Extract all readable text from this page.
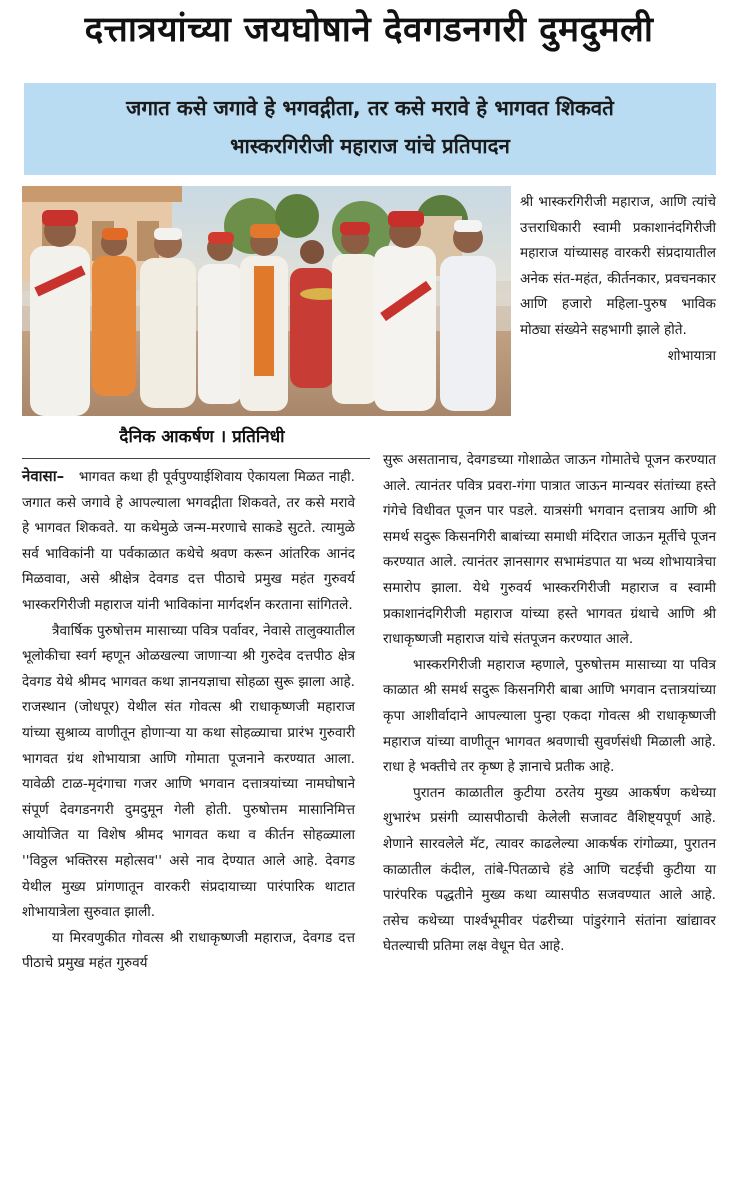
दत्तात्रयांच्या जयघोषाने देवगडनगरी दुमदुमली
जगात कसे जगावे हे भगवद्गीता, तर कसे मरावे हे भागवत शिकवते
भास्करगिरीजी महाराज यांचे प्रतिपादन
दैनिक आकर्षण । प्रतिनिधी

श्री भास्करगिरीजी महाराज, आणि त्यांचे उत्तराधिकारी स्वामी प्रकाशानंदगिरीजी महाराज यांच्यासह वारकरी संप्रदायातील अनेक संत-महंत, कीर्तनकार, प्रवचनकार आणि हजारो महिला-पुरुष भाविक मोठ्या संख्येने सहभागी झाले होते.

शोभायात्रा

नेवासा– भागवत कथा ही पूर्वपुण्याईशिवाय ऐकायला मिळत नाही. जगात कसे जगावे हे आपल्याला भगवद्गीता शिकवते, तर कसे मरावे हे भागवत शिकवते. या कथेमुळे जन्म-मरणाचे साकडे सुटते. त्यामुळे सर्व भाविकांनी या पर्वकाळात कथेचे श्रवण करून आंतरिक आनंद मिळवावा, असे श्रीक्षेत्र देवगड दत्त पीठाचे प्रमुख महंत गुरुवर्य भास्करगिरीजी महाराज यांनी भाविकांना मार्गदर्शन करताना सांगितले.

त्रैवार्षिक पुरुषोत्तम मासाच्या पवित्र पर्वावर, नेवासे तालुक्यातील भूलोकीचा स्वर्ग म्हणून ओळखल्या जाणाऱ्या श्री गुरुदेव दत्तपीठ क्षेत्र देवगड येथे श्रीमद भागवत कथा ज्ञानयज्ञाचा सोहळा सुरू झाला आहे. राजस्थान (जोधपूर) येथील संत गोवत्स श्री राधाकृष्णजी महाराज यांच्या सुश्राव्य वाणीतून होणाऱ्या या कथा सोहळ्याचा प्रारंभ गुरुवारी भागवत ग्रंथ शोभायात्रा आणि गोमाता पूजनाने करण्यात आला. यावेळी टाळ-मृदंगाचा गजर आणि भगवान दत्तात्रयांच्या नामघोषाने संपूर्ण देवगडनगरी दुमदुमून गेली होती. पुरुषोत्तम मासानिमित्त आयोजित या विशेष श्रीमद भागवत कथा व कीर्तन सोहळ्याला ''विठ्ठल भक्तिरस महोत्सव'' असे नाव देण्यात आले आहे. देवगड येथील मुख्य प्रांगणातून वारकरी संप्रदायाच्या पारंपारिक थाटात शोभायात्रेला सुरुवात झाली.

या मिरवणुकीत गोवत्स श्री राधाकृष्णजी महाराज, देवगड दत्त पीठाचे प्रमुख महंत गुरुवर्य

सुरू असतानाच, देवगडच्या गोशाळेत जाऊन गोमातेचे पूजन करण्यात आले. त्यानंतर पवित्र प्रवरा-गंगा पात्रात जाऊन मान्यवर संतांच्या हस्ते गंगेचे विधीवत पूजन पार पडले. यात्रसंगी भगवान दत्तात्रय आणि श्री समर्थ सदुरू किसनगिरी बाबांच्या समाधी मंदिरात जाऊन मूर्तीचे पूजन करण्यात आले. त्यानंतर ज्ञानसागर सभामंडपात या भव्य शोभायात्रेचा समारोप झाला. येथे गुरुवर्य भास्करगिरीजी महाराज व स्वामी प्रकाशानंदगिरीजी महाराज यांच्या हस्ते भागवत ग्रंथाचे आणि श्री राधाकृष्णजी महाराज यांचे संतपूजन करण्यात आले.

भास्करगिरीजी महाराज म्हणाले, पुरुषोत्तम मासाच्या या पवित्र काळात श्री समर्थ सदुरू किसनगिरी बाबा आणि भगवान दत्तात्रयांच्या कृपा आशीर्वादाने आपल्याला पुन्हा एकदा गोवत्स श्री राधाकृष्णजी महाराज यांच्या वाणीतून भागवत श्रवणाची सुवर्णसंधी मिळाली आहे. राधा हे भक्तीचे तर कृष्ण हे ज्ञानाचे प्रतीक आहे.

पुरातन काळातील कुटीया ठरतेय मुख्य आकर्षण कथेच्या शुभारंभ प्रसंगी व्यासपीठाची केलेली सजावट वैशिष्ट्यपूर्ण आहे. शेणाने सारवलेले मॅट, त्यावर काढलेल्या आकर्षक रांगोळ्या, पुरातन काळातील कंदील, तांबे-पितळाचे हंडे आणि चटईची कुटीया या पारंपरिक पद्धतीने मुख्य कथा व्यासपीठ सजवण्यात आले आहे. तसेच कथेच्या पार्श्वभूमीवर पंढरीच्या पांडुरंगाने संतांना खांद्यावर घेतल्याची प्रतिमा लक्ष वेधून घेत आहे.
